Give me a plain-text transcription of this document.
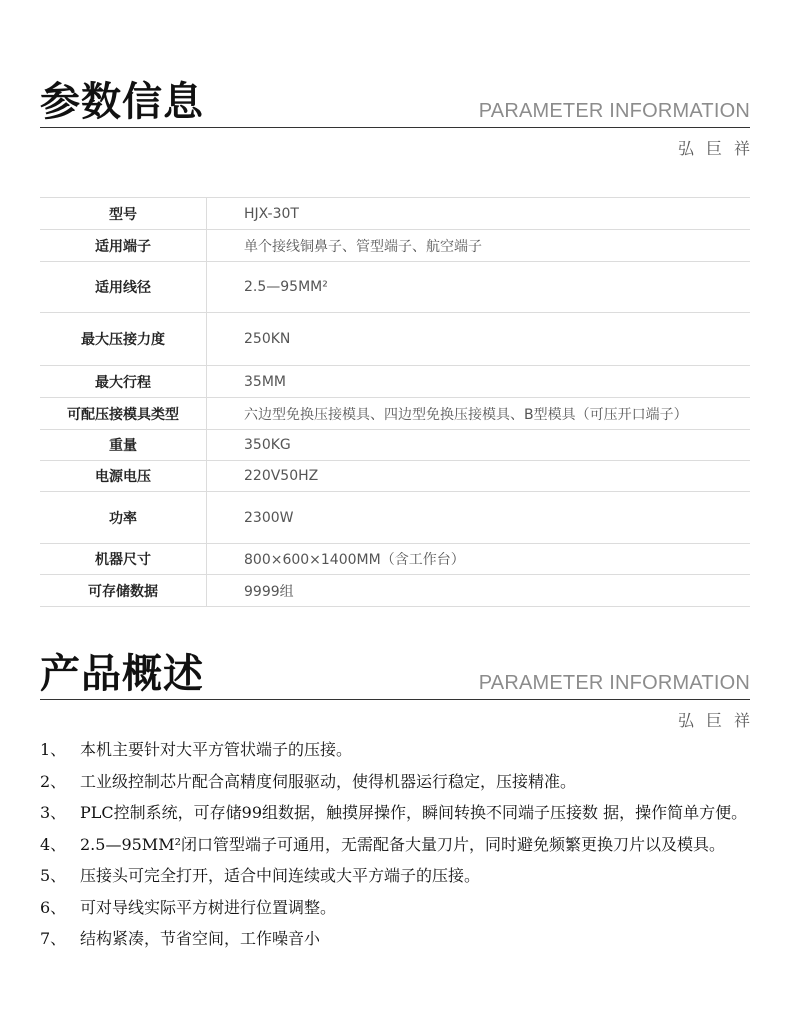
参数信息	PARAMETER INFORMATION
弘巨祥
型号	HJX-30T
适用端子	单个接线铜鼻子、管型端子、航空端子
适用线径	2.5—95MM²
最大压接力度	250KN
最大行程	35MM
可配压接模具类型	六边型免换压接模具、四边型免换压接模具、B型模具（可压开口端子）
重量	350KG
电源电压	220V50HZ
功率	2300W
机器尺寸	800×600×1400MM（含工作台）
可存储数据	9999组
产品概述	PARAMETER INFORMATION
弘巨祥

1、 本机主要针对大平方管状端子的压接。

2、 工业级控制芯片配合高精度伺服驱动，使得机器运行稳定，压接精准。

3、 PLC控制系统，可存储99组数据，触摸屏操作，瞬间转换不同端子压接数 据，操作简单方便。

4、 2.5—95MM²闭口管型端子可通用，无需配备大量刀片，同时避免频繁更换刀片以及模具。

5、 压接头可完全打开，适合中间连续或大平方端子的压接。

6、 可对导线实际平方树进行位置调整。

7、 结构紧凑，节省空间，工作噪音小
